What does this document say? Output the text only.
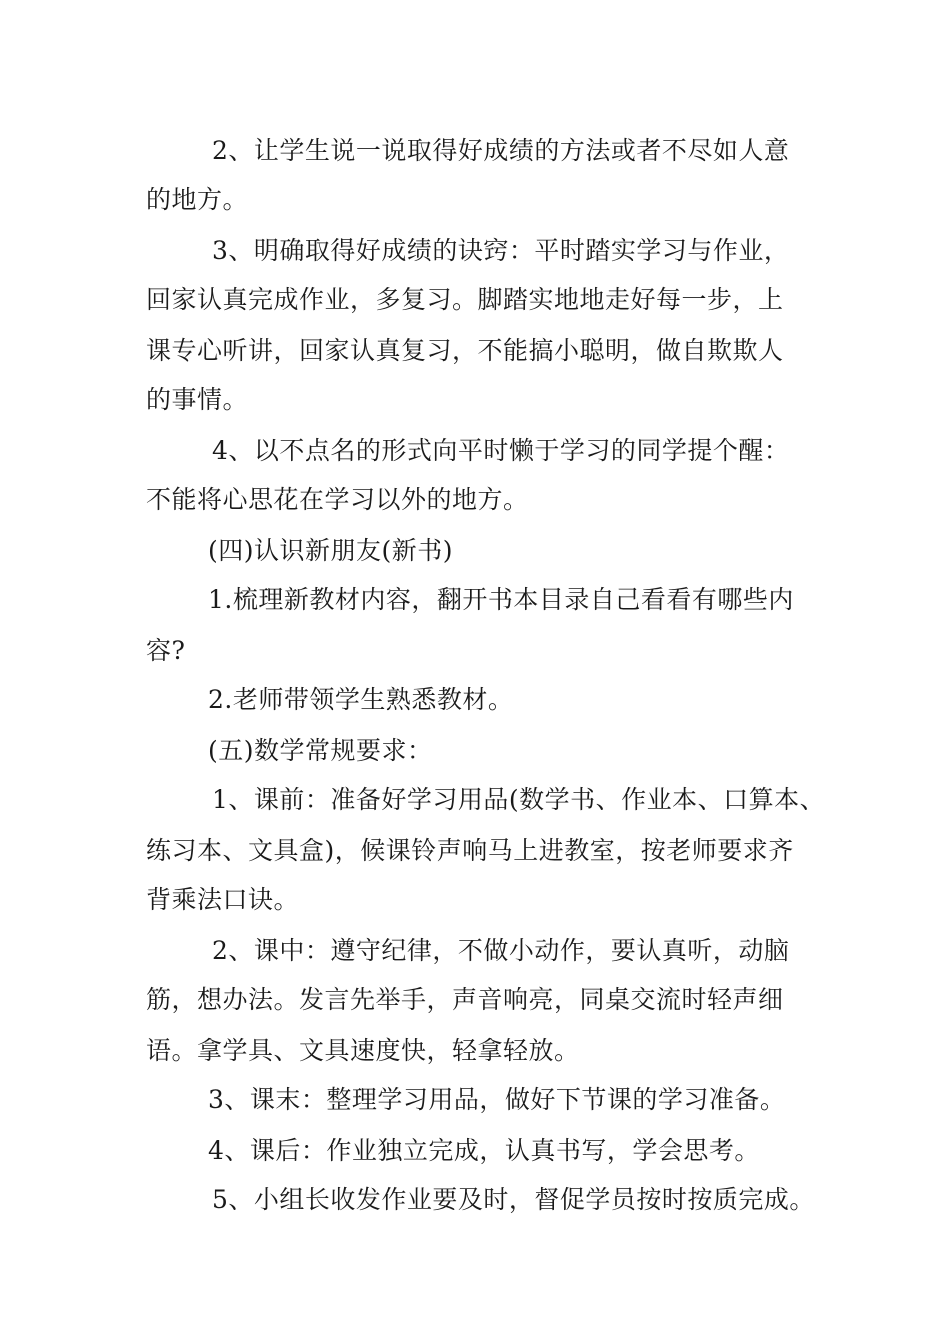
2、让学生说一说取得好成绩的方法或者不尽如人意
的地方。
3、明确取得好成绩的诀窍：平时踏实学习与作业，
回家认真完成作业，多复习。脚踏实地地走好每一步，上
课专心听讲，回家认真复习，不能搞小聪明，做自欺欺人
的事情。
4、以不点名的形式向平时懒于学习的同学提个醒：
不能将心思花在学习以外的地方。
(四)认识新朋友(新书)
1.梳理新教材内容，翻开书本目录自己看看有哪些内
容?
2.老师带领学生熟悉教材。
(五)数学常规要求：
1、课前：准备好学习用品(数学书、作业本、口算本、
练习本、文具盒)，候课铃声响马上进教室，按老师要求齐
背乘法口诀。
2、课中：遵守纪律，不做小动作，要认真听，动脑
筋，想办法。发言先举手，声音响亮，同桌交流时轻声细
语。拿学具、文具速度快，轻拿轻放。
3、课末：整理学习用品，做好下节课的学习准备。
4、课后：作业独立完成，认真书写，学会思考。
5、小组长收发作业要及时，督促学员按时按质完成。
